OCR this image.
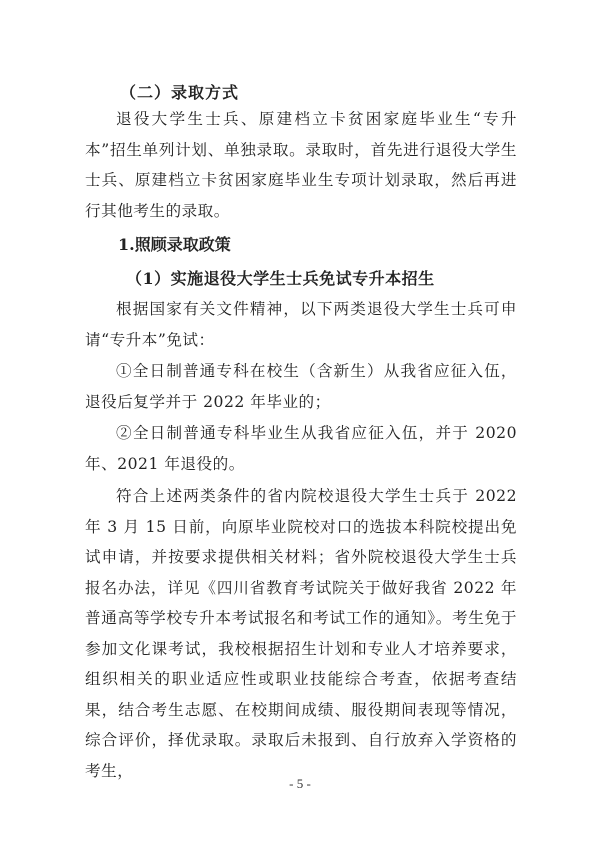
（二）录取方式

退役大学生士兵、原建档立卡贫困家庭毕业生“专升本”招生单列计划、单独录取。录取时，首先进行退役大学生士兵、原建档立卡贫困家庭毕业生专项计划录取，然后再进行其他考生的录取。

1.照顾录取政策
（1）实施退役大学生士兵免试专升本招生

根据国家有关文件精神，以下两类退役大学生士兵可申请“专升本”免试：

①全日制普通专科在校生（含新生）从我省应征入伍，退役后复学并于 2022 年毕业的；

②全日制普通专科毕业生从我省应征入伍，并于 2020 年、2021 年退役的。

符合上述两类条件的省内院校退役大学生士兵于 2022 年 3 月 15 日前，向原毕业院校对口的选拔本科院校提出免试申请，并按要求提供相关材料；省外院校退役大学生士兵报名办法，详见《四川省教育考试院关于做好我省 2022 年普通高等学校专升本考试报名和考试工作的通知》。考生免于参加文化课考试，我校根据招生计划和专业人才培养要求，组织相关的职业适应性或职业技能综合考查，依据考查结果，结合考生志愿、在校期间成绩、服役期间表现等情况，综合评价，择优录取。录取后未报到、自行放弃入学资格的考生，

- 5 -
